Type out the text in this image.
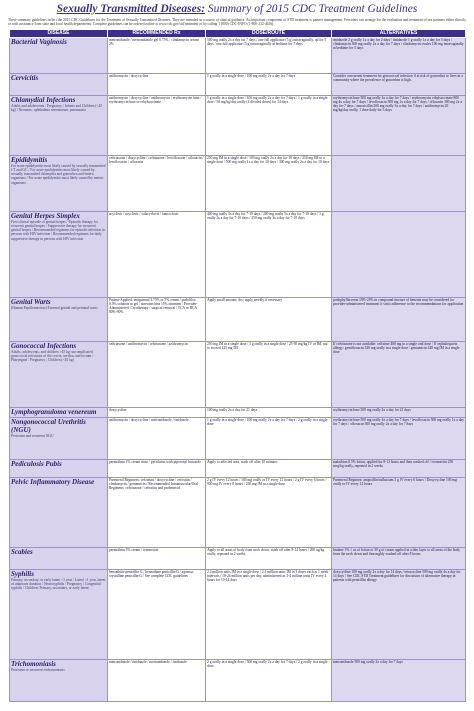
Sexually Transmitted Diseases: Summary of 2015 CDC Treatment Guidelines
These summary guidelines reflect the 2015 CDC Guidelines for the Treatment of Sexually Transmitted Diseases. They are intended as a source of clinical guidance. An important component of STD treatment is partner management. Providers can arrange for the evaluation and treatment of sex partners either directly or with assistance from state and local health departments. Complete guidelines can be ordered online at www.cdc.gov/std/treatment or by calling 1 (800) CDC-INFO (1-800-232-4636).
DISEASE	RECOMMENDED Rx	DOSE/ROUTE	ALTERNATIVES

Bacterial Vaginosis	metronidazole / metronidazole gel 0.75% / clindamycin cream 2%	500 mg orally 2x a day for 7 days / one full applicator (5 g) intravaginally, qd for 5 days / one full applicator (5 g) intravaginally at bedtime for 7 days	tinidazole 2 g orally 1x a day for 2 days / tinidazole 1 g orally 1x a day for 5 days / clindamycin 300 mg orally 2x a day for 7 days / clindamycin ovules 100 mg intravaginally at bedtime for 3 days

Cervicitis	azithromycin / doxycycline	1 g orally in a single dose / 100 mg orally 2x a day for 7 days	Consider concurrent treatment for gonococcal infection if at risk of gonorrhea or lives in a community where the prevalence of gonorrhea is high.

Chlamydial Infections
Adults and adolescents / Pregnancy / Infants and Children (<45 kg) / Neonates: ophthalmia neonatorum, pneumonia	azithromycin / doxycycline / azithromycin / erythromycin base / erythromycin base or ethylsuccinate	1 g orally in a single dose / 100 mg orally 2x a day for 7 days / 1 g orally in a single dose / 50 mg/kg/day orally (4 divided doses) for 14 days	erythromycin base 500 mg orally 4x a day for 7 days / erythromycin ethylsuccinate 800 mg 4x a day for 7 days / levofloxacin 500 mg 1x a day for 7 days / ofloxacin 300 mg 2x a day for 7 days / amoxicillin 500 mg orally 3x a day for 7 days / azithromycin 20 mg/kg/day orally, 1 dose daily for 3 days

Epididymitis
For acute epididymitis most likely caused by sexually transmitted CT and GC / For acute epididymitis most likely caused by sexually transmitted chlamydia and gonorrhea and enteric organisms / For acute epididymitis most likely caused by enteric organisms	ceftriaxone / doxycycline / ceftriaxone / levofloxacin / ofloxacin / levofloxacin / ofloxacin	250 mg IM in a single dose / 100 mg orally 2x a day for 10 days / 250 mg IM in a single dose / 500 mg orally 1x a day for 10 days / 300 mg orally 2x a day for 10 days	

Genital Herpes Simplex
First clinical episode of genital herpes / Episodic therapy for recurrent genital herpes / Suppressive therapy for recurrent genital herpes / Recommended regimens for episodic infection in persons with HIV infection / Recommended regimens for daily suppressive therapy in persons with HIV infection	acyclovir / acyclovir / valacyclovir / famciclovir	400 mg orally 3x a day for 7-10 days / 200 mg orally 5x a day for 7-10 days / 1 g orally 2x a day for 7-10 days / 250 mg orally 3x a day for 7-10 days	

Genital Warts
(Human Papillomavirus) External genital and perianal warts	Patient-Applied: imiquimod 3.75% or 5% cream / podofilox 0.5% solution or gel / sinecatechins 15% ointment / Provider-Administered: Cryotherapy / surgical removal / TCA or BCA 80%-90%	Apply small amount; dry; apply weekly if necessary	podophyllin resin 10%-25% in compound tincture of benzoin may be considered for provider-administered treatment if strict adherence to the recommendations for application

Gonococcal Infections
Adults, adolescents, and children >45 kg: uncomplicated gonococcal infections of the cervix, urethra, and rectum / Pharyngeal / Pregnancy / Children (<45 kg)	ceftriaxone / azithromycin / ceftriaxone / azithromycin	250 mg IM in a single dose / 1 g orally in a single dose / 25-50 mg/kg IV or IM, not to exceed 125 mg IM	If ceftriaxone is not available: cefixime 400 mg in a single oral dose / If cephalosporin allergy: gemifloxacin 320 mg orally in a single dose / gentamicin 240 mg IM in a single dose

Lymphogranuloma venereum	doxycycline	100 mg orally 2x a day for 21 days	erythromycin base 500 mg orally 4x a day for 21 days

Nongonococcal Urethritis (NGU)
Persistent and recurrent NGU	azithromycin / doxycycline / metronidazole / tinidazole	1 g orally in a single dose / 100 mg orally 2x a day for 7 days / 2 g orally in a single dose	erythromycin base 500 mg orally 4x a day for 7 days / levofloxacin 500 mg orally 1x a day for 7 days / ofloxacin 300 mg orally 2x a day for 7 days

Pediculosis Pubis	permethrin 1% cream rinse / pyrethrins with piperonyl butoxide	Apply to affected area, wash off after 10 minutes	malathion 0.5% lotion, applied for 8-12 hours and then washed off / ivermectin 250 mcg/kg orally, repeated in 2 weeks

Pelvic Inflammatory Disease	Parenteral Regimens: cefotetan / doxycycline / cefoxitin / clindamycin / gentamicin / Recommended Intramuscular/Oral Regimens: ceftriaxone / cefoxitin and probenecid	2 g IV every 12 hours / 100 mg orally or IV every 12 hours / 2 g IV every 6 hours / 900 mg IV every 8 hours / 250 mg IM in a single dose	Parenteral Regimen: ampicillin/sulbactam 3 g IV every 6 hours / Doxycycline 100 mg orally or IV every 12 hours

Scabies	permethrin 5% cream / ivermectin	Apply to all areas of body from neck down, wash off after 8-14 hours / 200 ug/kg orally, repeated in 2 weeks	lindane 1% 1 oz of lotion or 30 g of cream applied in a thin layer to all areas of the body from the neck down and thoroughly washed off after 8 hours

Syphilis
Primary, secondary, or early latent <1 year / Latent >1 year, latent of unknown duration / Neurosyphilis / Pregnancy / Congenital syphilis / Children: Primary, secondary, or early latent	benzathine penicillin G / benzathine penicillin G / aqueous crystalline penicillin G / See complete CDC guidelines	2.4 million units IM in a single dose / 2.4 million units IM in 3 doses each at 1 week intervals / 18-24 million units per day, administered as 3-4 million units IV every 4 hours for 10-14 days	doxycycline 100 mg orally 2x a day for 14 days / tetracycline 500 mg orally 4x a day for 14 days / See CDC STD Treatment guidelines for discussion of alternative therapy in patients with penicillin allergy

Trichomoniasis
Persistent or recurrent trichomoniasis	metronidazole / tinidazole / metronidazole / tinidazole	2 g orally in a single dose / 500 mg orally 2x a day for 7 days / 2 g orally in a single dose	metronidazole 500 mg orally 2x a day for 7 days
